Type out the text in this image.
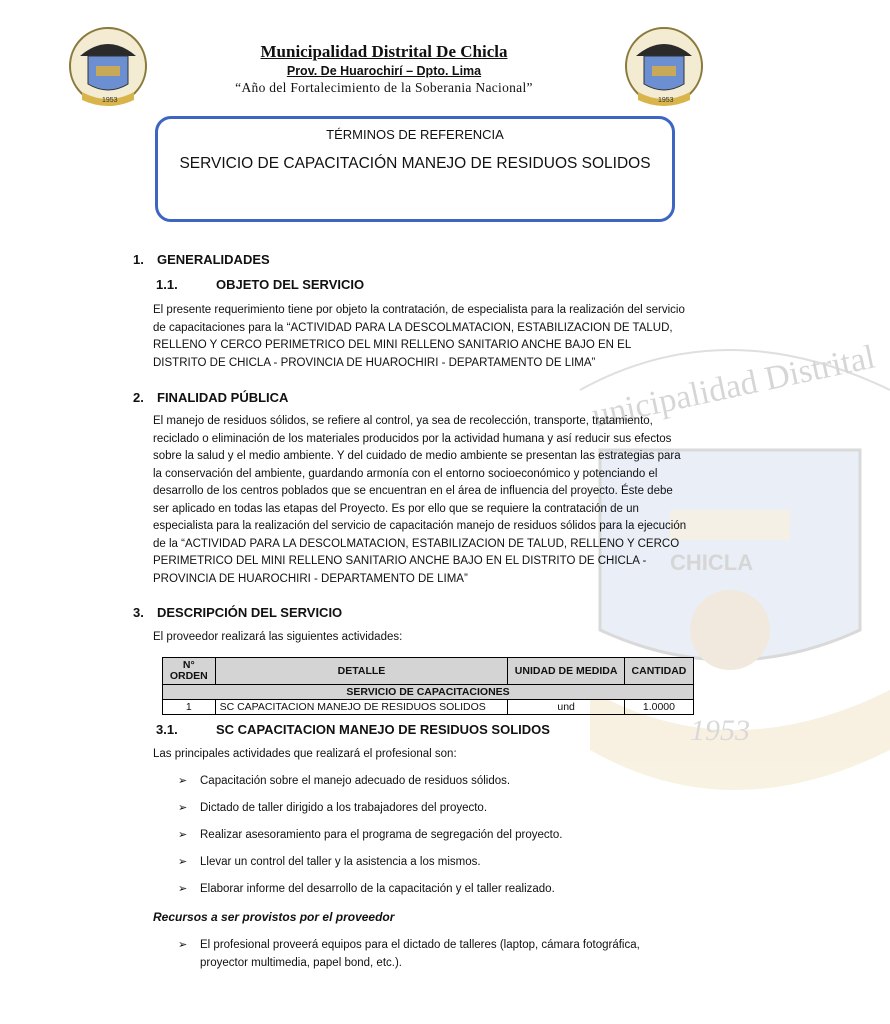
unicipalidad Distrital
CHICLA
1953
1953	1953
Municipalidad Distrital De Chicla
Prov. De Huarochirí – Dpto. Lima
“Año del Fortalecimiento de la Soberania Nacional”
TÉRMINOS DE REFERENCIA
SERVICIO DE CAPACITACIÓN MANEJO DE RESIDUOS SOLIDOS
1. GENERALIDADES
1.1.	OBJETO DEL SERVICIO
El presente requerimiento tiene por objeto la contratación, de especialista para la realización del servicio
de capacitaciones para la “ACTIVIDAD PARA LA DESCOLMATACION, ESTABILIZACION DE TALUD,
RELLENO Y CERCO PERIMETRICO DEL MINI RELLENO SANITARIO ANCHE BAJO EN EL
DISTRITO DE CHICLA - PROVINCIA DE HUAROCHIRI - DEPARTAMENTO DE LIMA”
2. FINALIDAD PÚBLICA
El manejo de residuos sólidos, se refiere al control, ya sea de recolección, transporte, tratamiento,
reciclado o eliminación de los materiales producidos por la actividad humana y así reducir sus efectos
sobre la salud y el medio ambiente. Y del cuidado de medio ambiente se presentan las estrategias para
la conservación del ambiente, guardando armonía con el entorno socioeconómico y potenciando el
desarrollo de los centros poblados que se encuentran en el área de influencia del proyecto. Éste debe
ser aplicado en todas las etapas del Proyecto. Es por ello que se requiere la contratación de un
especialista para la realización del servicio de capacitación manejo de residuos sólidos para la ejecución
de la “ACTIVIDAD PARA LA DESCOLMATACION, ESTABILIZACION DE TALUD, RELLENO Y CERCO
PERIMETRICO DEL MINI RELLENO SANITARIO ANCHE BAJO EN EL DISTRITO DE CHICLA -
PROVINCIA DE HUAROCHIRI - DEPARTAMENTO DE LIMA”
3. DESCRIPCIÓN DEL SERVICIO
El proveedor realizará las siguientes actividades:
N°
ORDEN	DETALLE	UNIDAD DE MEDIDA	CANTIDAD
SERVICIO DE CAPACITACIONES			
1	SC CAPACITACION MANEJO DE RESIDUOS SOLIDOS	und	1.0000
3.1.	SC CAPACITACION MANEJO DE RESIDUOS SOLIDOS
Las principales actividades que realizará el profesional son:
➢ Capacitación sobre el manejo adecuado de residuos sólidos.
➢ Dictado de taller dirigido a los trabajadores del proyecto.
➢ Realizar asesoramiento para el programa de segregación del proyecto.
➢ Llevar un control del taller y la asistencia a los mismos.
➢ Elaborar informe del desarrollo de la capacitación y el taller realizado.
Recursos a ser provistos por el proveedor
➢ El profesional proveerá equipos para el dictado de talleres (laptop, cámara fotográfica,
proyector multimedia, papel bond, etc.).
